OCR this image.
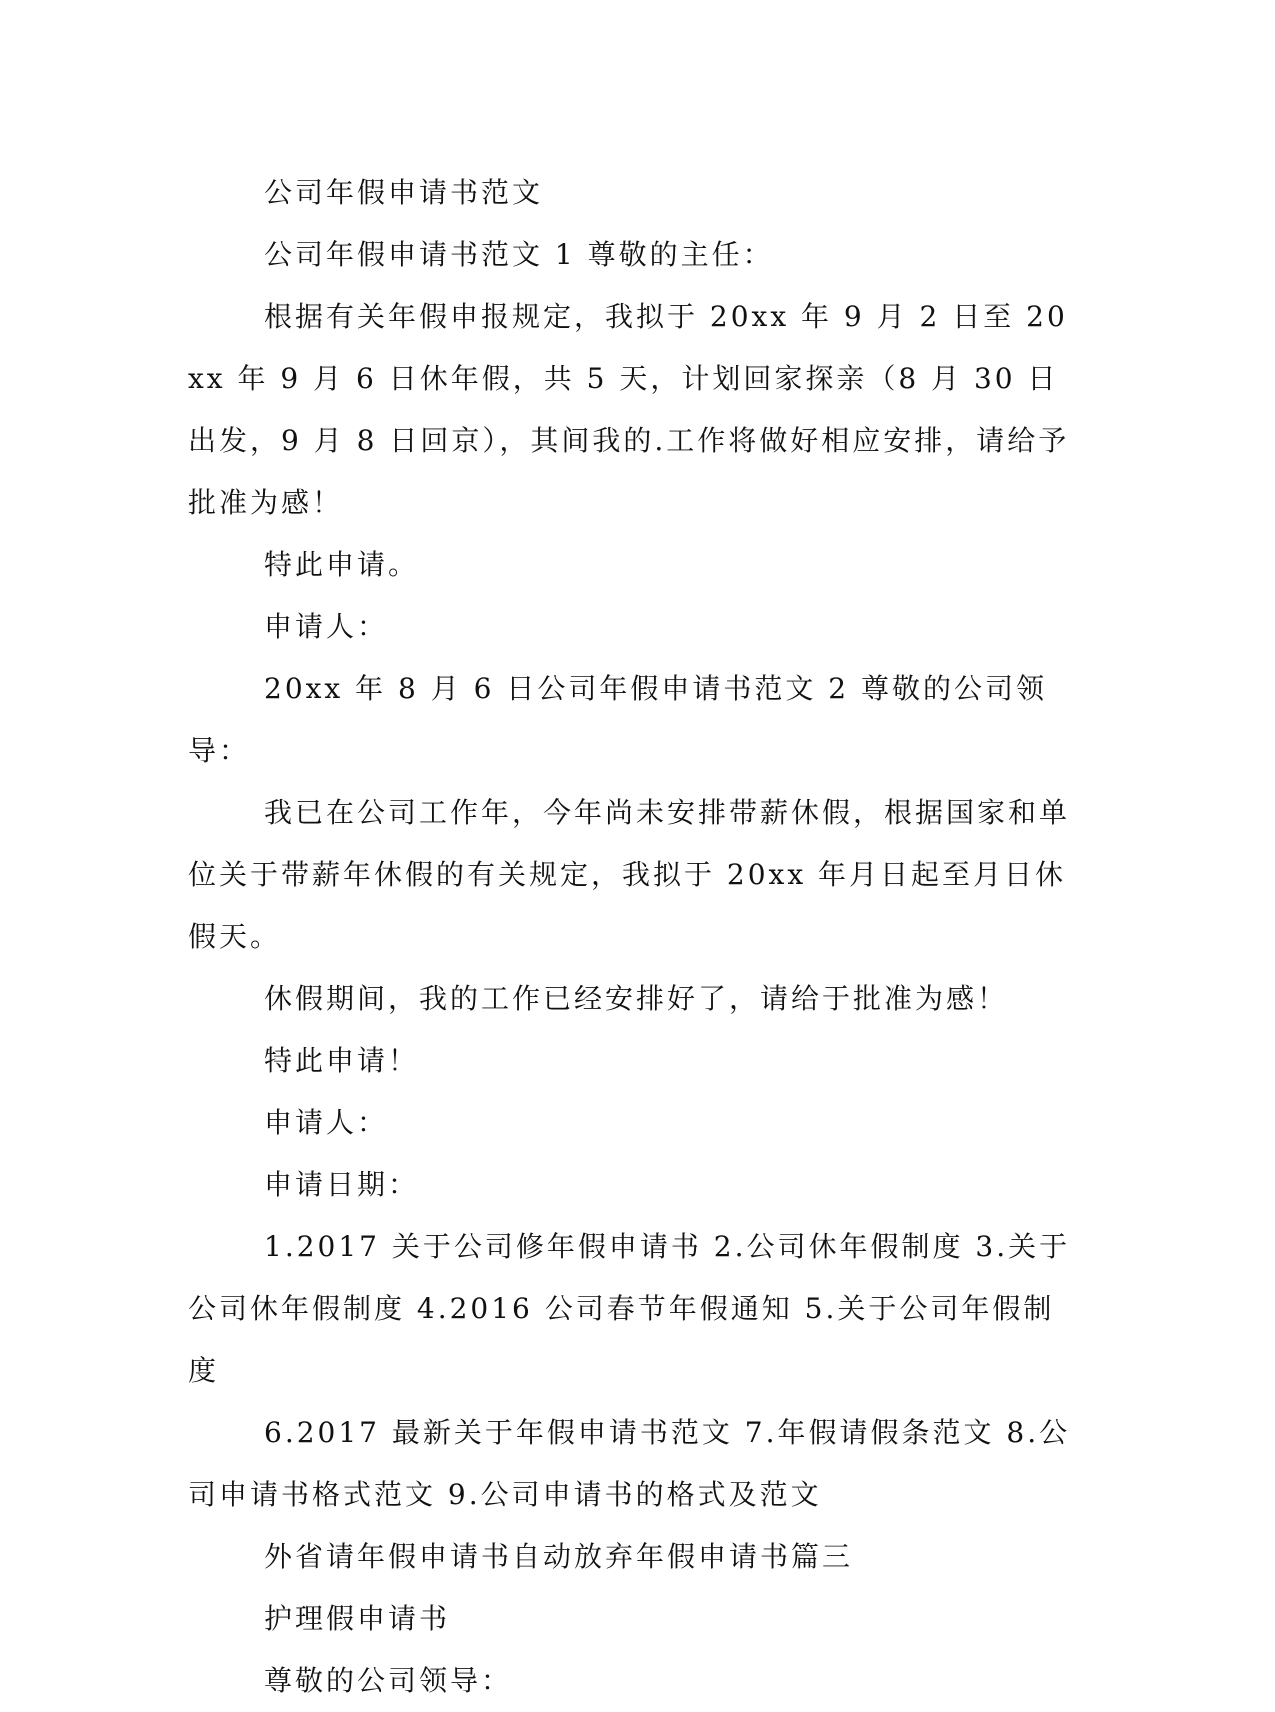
公司年假申请书范文

公司年假申请书范文 1 尊敬的主任：

根据有关年假申报规定，我拟于 20xx 年 9 月 2 日至 20xx 年 9 月 6 日休年假，共 5 天，计划回家探亲（8 月 30 日出发，9 月 8 日回京），其间我的.工作将做好相应安排，请给予批准为感！

特此申请。

申请人：

20xx 年 8 月 6 日公司年假申请书范文 2 尊敬的公司领导：

我已在公司工作年，今年尚未安排带薪休假，根据国家和单位关于带薪年休假的有关规定，我拟于 20xx 年月日起至月日休假天。

休假期间，我的工作已经安排好了，请给于批准为感！

特此申请！

申请人：

申请日期：

1.2017 关于公司修年假申请书 2.公司休年假制度 3.关于公司休年假制度 4.2016 公司春节年假通知 5.关于公司年假制度

6.2017 最新关于年假申请书范文 7.年假请假条范文 8.公司申请书格式范文 9.公司申请书的格式及范文

外省请年假申请书自动放弃年假申请书篇三

护理假申请书

尊敬的公司领导：
